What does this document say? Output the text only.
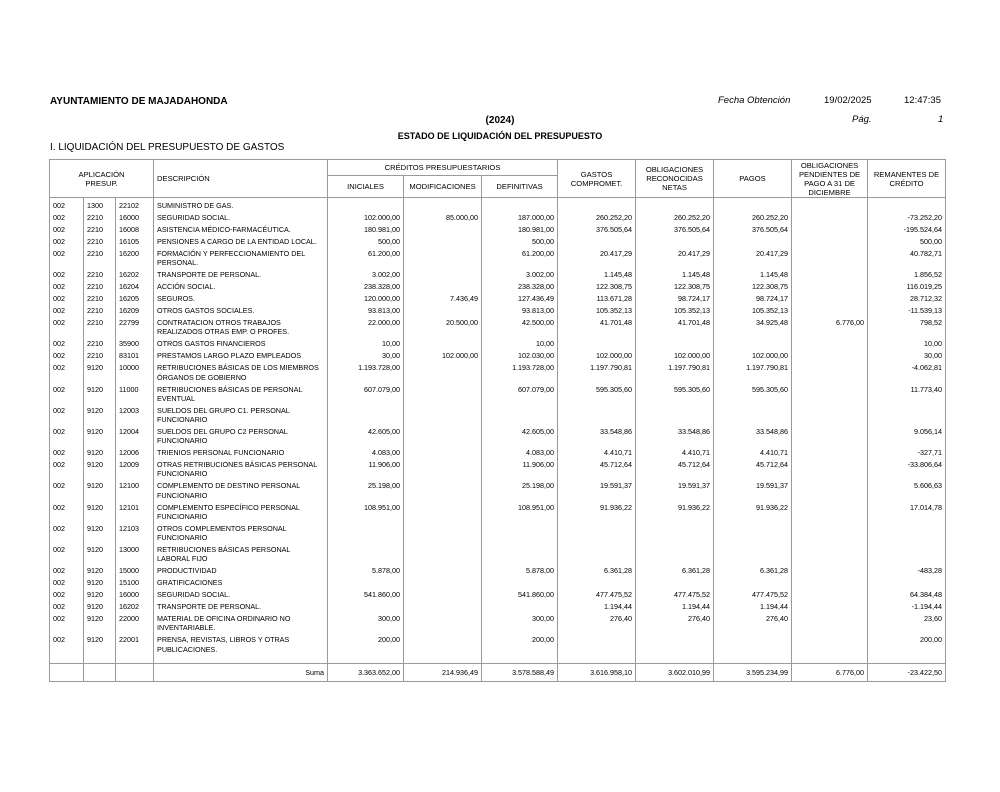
AYUNTAMIENTO DE MAJADAHONDA	Fecha Obtención	19/02/2025	12:47:35
(2024)	Pág.	1
ESTADO DE LIQUIDACIÓN DEL PRESUPUESTO
I. LIQUIDACIÓN DEL PRESUPUESTO DE GASTOS
APLICACIÓN
PRESUP.			DESCRIPCIÓN	CRÉDITOS PRESUPUESTARIOS			GASTOS COMPROMET.	OBLIGACIONES RECONOCIDAS NETAS	PAGOS	OBLIGACIONES PENDIENTES DE PAGO A 31 DE DICIEMBRE	REMANENTES DE CRÉDITO
				INICIALES	MODIFICACIONES	DEFINITIVAS					
002	1300	22102	SUMINISTRO DE GAS.								
002	2210	16000	SEGURIDAD SOCIAL.	102.000,00	85.000,00	187.000,00	260.252,20	260.252,20	260.252,20		-73.252,20
002	2210	16008	ASISTENCIA MÉDICO-FARMACÉUTICA.	180.981,00		180.981,00	376.505,64	376.505,64	376.505,64		-195.524,64
002	2210	16105	PENSIONES A CARGO DE LA ENTIDAD LOCAL.	500,00		500,00					500,00
002	2210	16200	FORMACIÓN Y PERFECCIONAMIENTO DEL PERSONAL.	61.200,00		61.200,00	20.417,29	20.417,29	20.417,29		40.782,71
002	2210	16202	TRANSPORTE DE PERSONAL.	3.002,00		3.002,00	1.145,48	1.145,48	1.145,48		1.856,52
002	2210	16204	ACCIÓN SOCIAL.	238.328,00		238.328,00	122.308,75	122.308,75	122.308,75		116.019,25
002	2210	16205	SEGUROS.	120.000,00	7.436,49	127.436,49	113.671,28	98.724,17	98.724,17		28.712,32
002	2210	16209	OTROS GASTOS SOCIALES.	93.813,00		93.813,00	105.352,13	105.352,13	105.352,13		-11.539,13
002	2210	22799	CONTRATACION OTROS TRABAJOS REALIZADOS OTRAS EMP. O PROFES.	22.000,00	20.500,00	42.500,00	41.701,48	41.701,48	34.925,48	6.776,00	798,52
002	2210	35900	OTROS GASTOS FINANCIEROS	10,00		10,00					10,00
002	2210	83101	PRESTAMOS LARGO PLAZO EMPLEADOS	30,00	102.000,00	102.030,00	102.000,00	102.000,00	102.000,00		30,00
002	9120	10000	RETRIBUCIONES BÁSICAS DE LOS MIEMBROS ÓRGANOS DE GOBIERNO	1.193.728,00		1.193.728,00	1.197.790,81	1.197.790,81	1.197.790,81		-4.062,81
002	9120	11000	RETRIBUCIONES BÁSICAS DE PERSONAL EVENTUAL	607.079,00		607.079,00	595.305,60	595.305,60	595.305,60		11.773,40
002	9120	12003	SUELDOS DEL GRUPO C1. PERSONAL FUNCIONARIO								
002	9120	12004	SUELDOS DEL GRUPO C2 PERSONAL FUNCIONARIO	42.605,00		42.605,00	33.548,86	33.548,86	33.548,86		9.056,14
002	9120	12006	TRIENIOS PERSONAL FUNCIONARIO	4.083,00		4.083,00	4.410,71	4.410,71	4.410,71		-327,71
002	9120	12009	OTRAS RETRIBUCIONES BÁSICAS PERSONAL FUNCIONARIO	11.906,00		11.906,00	45.712,64	45.712,64	45.712,64		-33.806,64
002	9120	12100	COMPLEMENTO DE DESTINO PERSONAL FUNCIONARIO	25.198,00		25.198,00	19.591,37	19.591,37	19.591,37		5.606,63
002	9120	12101	COMPLEMENTO ESPECÍFICO PERSONAL FUNCIONARIO	108.951,00		108.951,00	91.936,22	91.936,22	91.936,22		17.014,78
002	9120	12103	OTROS COMPLEMENTOS PERSONAL FUNCIONARIO								
002	9120	13000	RETRIBUCIONES BÁSICAS PERSONAL LABORAL FIJO								
002	9120	15000	PRODUCTIVIDAD	5.878,00		5.878,00	6.361,28	6.361,28	6.361,28		-483,28
002	9120	15100	GRATIFICACIONES								
002	9120	16000	SEGURIDAD SOCIAL.	541.860,00		541.860,00	477.475,52	477.475,52	477.475,52		64.384,48
002	9120	16202	TRANSPORTE DE PERSONAL.				1.194,44	1.194,44	1.194,44		-1.194,44
002	9120	22000	MATERIAL DE OFICINA ORDINARIO NO INVENTARIABLE.	300,00		300,00	276,40	276,40	276,40		23,60
002	9120	22001	PRENSA, REVISTAS, LIBROS Y OTRAS PUBLICACIONES.	200,00		200,00					200,00

			Suma	3.363.652,00	214.936,49	3.578.588,49	3.616.958,10	3.602.010,99	3.595.234,99	6.776,00	-23.422,50
